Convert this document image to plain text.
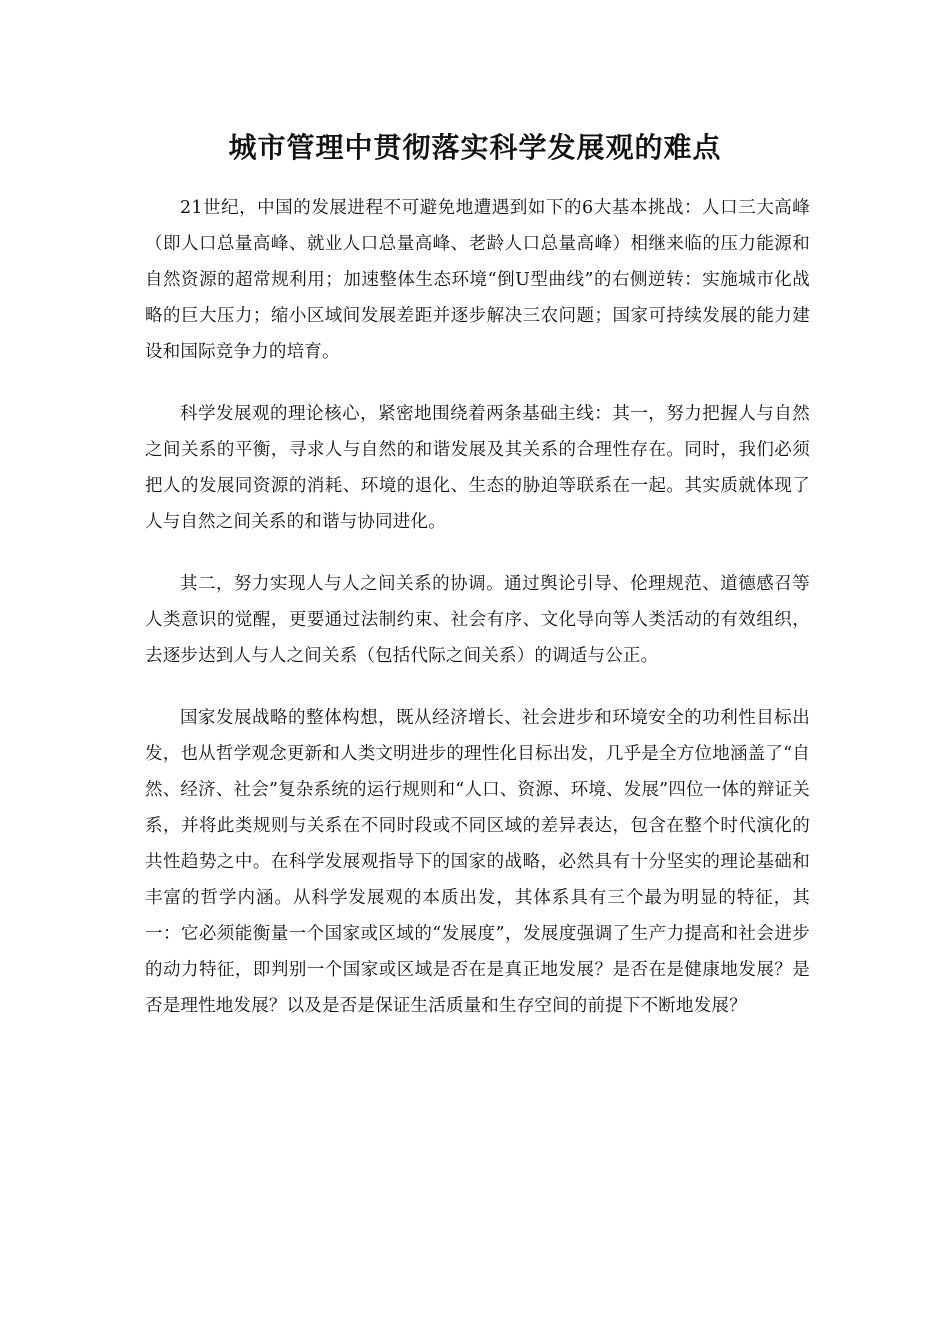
城市管理中贯彻落实科学发展观的难点

21世纪，中国的发展进程不可避免地遭遇到如下的6大基本挑战：人口三大高峰（即人口总量高峰、就业人口总量高峰、老龄人口总量高峰）相继来临的压力能源和自然资源的超常规利用；加速整体生态环境“倒U型曲线”的右侧逆转：实施城市化战略的巨大压力；缩小区域间发展差距并逐步解决三农问题；国家可持续发展的能力建设和国际竞争力的培育。

科学发展观的理论核心，紧密地围绕着两条基础主线：其一，努力把握人与自然之间关系的平衡，寻求人与自然的和谐发展及其关系的合理性存在。同时，我们必须把人的发展同资源的消耗、环境的退化、生态的胁迫等联系在一起。其实质就体现了人与自然之间关系的和谐与协同进化。

其二，努力实现人与人之间关系的协调。通过舆论引导、伦理规范、道德感召等人类意识的觉醒，更要通过法制约束、社会有序、文化导向等人类活动的有效组织，去逐步达到人与人之间关系（包括代际之间关系）的调适与公正。

国家发展战略的整体构想，既从经济增长、社会进步和环境安全的功利性目标出发，也从哲学观念更新和人类文明进步的理性化目标出发，几乎是全方位地涵盖了“自然、经济、社会”复杂系统的运行规则和“人口、资源、环境、发展”四位一体的辩证关系，并将此类规则与关系在不同时段或不同区域的差异表达，包含在整个时代演化的共性趋势之中。在科学发展观指导下的国家的战略，必然具有十分坚实的理论基础和丰富的哲学内涵。从科学发展观的本质出发，其体系具有三个最为明显的特征，其一：它必须能衡量一个国家或区域的“发展度”，发展度强调了生产力提高和社会进步的动力特征，即判别一个国家或区域是否在是真正地发展？是否在是健康地发展？是否是理性地发展？以及是否是保证生活质量和生存空间的前提下不断地发展？
